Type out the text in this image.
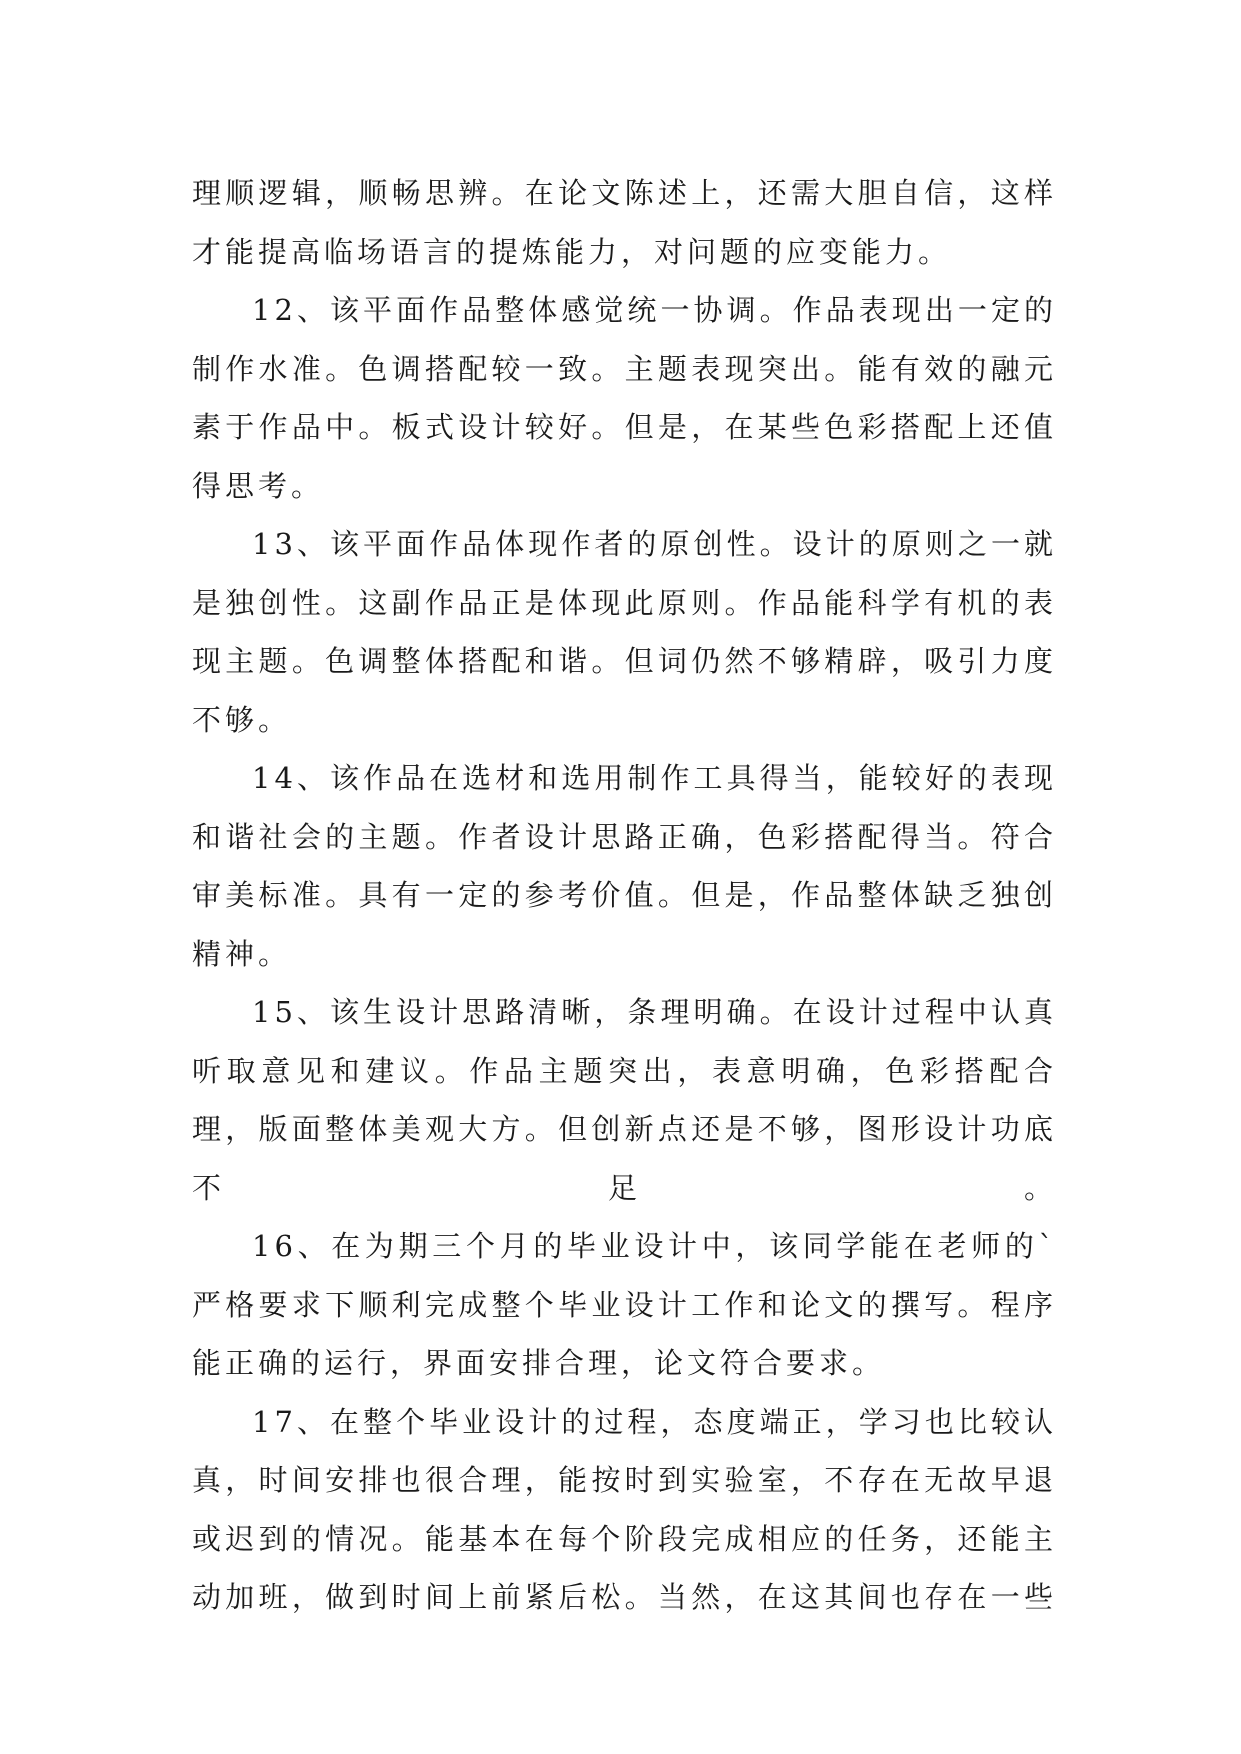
理顺逻辑，顺畅思辨。在论文陈述上，还需大胆自信，这样才能提高临场语言的提炼能力，对问题的应变能力。

12、该平面作品整体感觉统一协调。作品表现出一定的制作水准。色调搭配较一致。主题表现突出。能有效的融元素于作品中。板式设计较好。但是，在某些色彩搭配上还值得思考。

13、该平面作品体现作者的原创性。设计的原则之一就是独创性。这副作品正是体现此原则。作品能科学有机的表现主题。色调整体搭配和谐。但词仍然不够精辟，吸引力度不够。

14、该作品在选材和选用制作工具得当，能较好的表现和谐社会的主题。作者设计思路正确，色彩搭配得当。符合审美标准。具有一定的参考价值。但是，作品整体缺乏独创精神。

15、该生设计思路清晰，条理明确。在设计过程中认真听取意见和建议。作品主题突出，表意明确，色彩搭配合理，版面整体美观大方。但创新点还是不够，图形设计功底不足。

16、在为期三个月的毕业设计中，该同学能在老师的`严格要求下顺利完成整个毕业设计工作和论文的撰写。程序能正确的运行，界面安排合理，论文符合要求。

17、在整个毕业设计的过程，态度端正，学习也比较认真，时间安排也很合理，能按时到实验室，不存在无故早退或迟到的情况。能基本在每个阶段完成相应的任务，还能主动加班，做到时间上前紧后松。当然，在这其间也存在一些
